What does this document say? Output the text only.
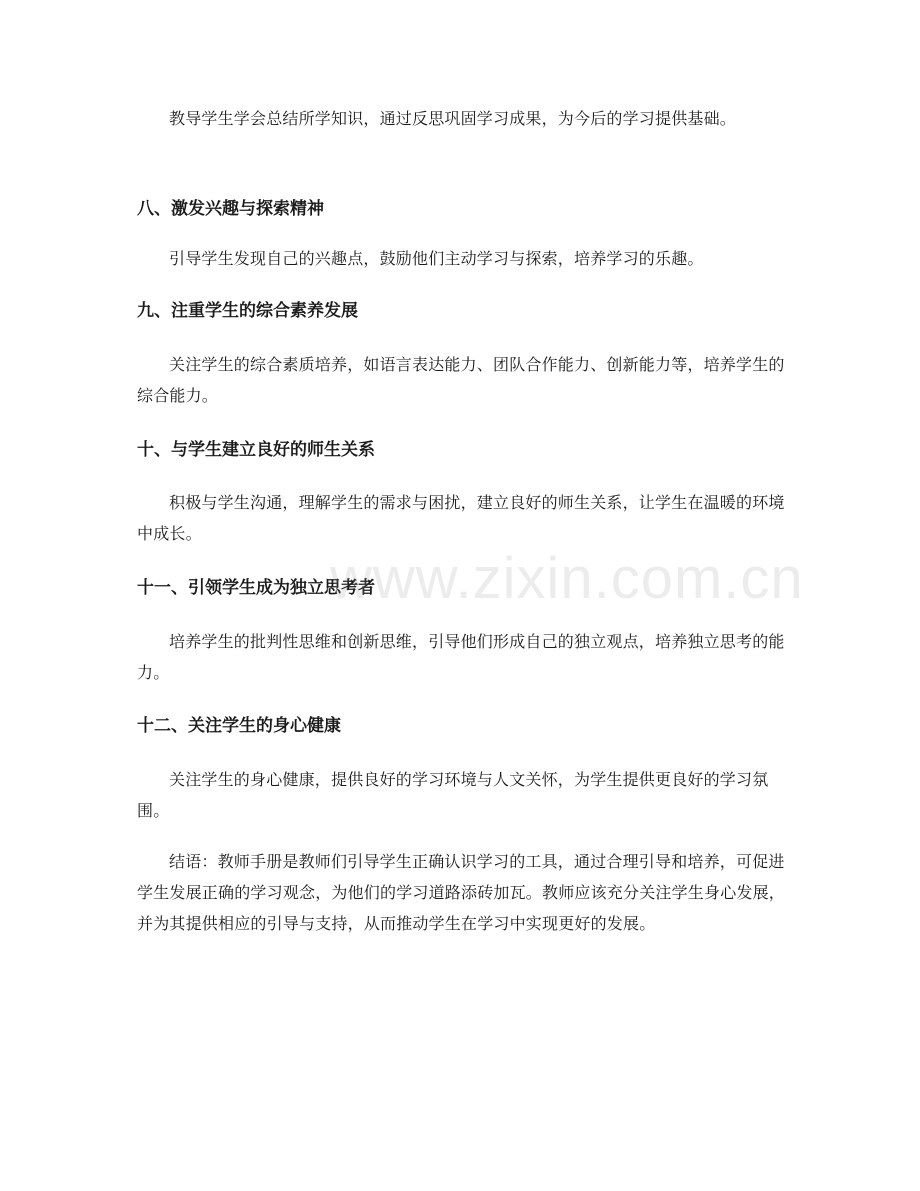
教导学生学会总结所学知识，通过反思巩固学习成果，为今后的学习提供基础。

八、激发兴趣与探索精神

引导学生发现自己的兴趣点，鼓励他们主动学习与探索，培养学习的乐趣。

九、注重学生的综合素养发展

关注学生的综合素质培养，如语言表达能力、团队合作能力、创新能力等，培养学生的综合能力。

十、与学生建立良好的师生关系

积极与学生沟通，理解学生的需求与困扰，建立良好的师生关系，让学生在温暖的环境中成长。

十一、引领学生成为独立思考者

培养学生的批判性思维和创新思维，引导他们形成自己的独立观点，培养独立思考的能力。

十二、关注学生的身心健康

关注学生的身心健康，提供良好的学习环境与人文关怀，为学生提供更良好的学习氛围。

结语：教师手册是教师们引导学生正确认识学习的工具，通过合理引导和培养，可促进学生发展正确的学习观念，为他们的学习道路添砖加瓦。教师应该充分关注学生身心发展，并为其提供相应的引导与支持，从而推动学生在学习中实现更好的发展。

www.zixin.com.cn
